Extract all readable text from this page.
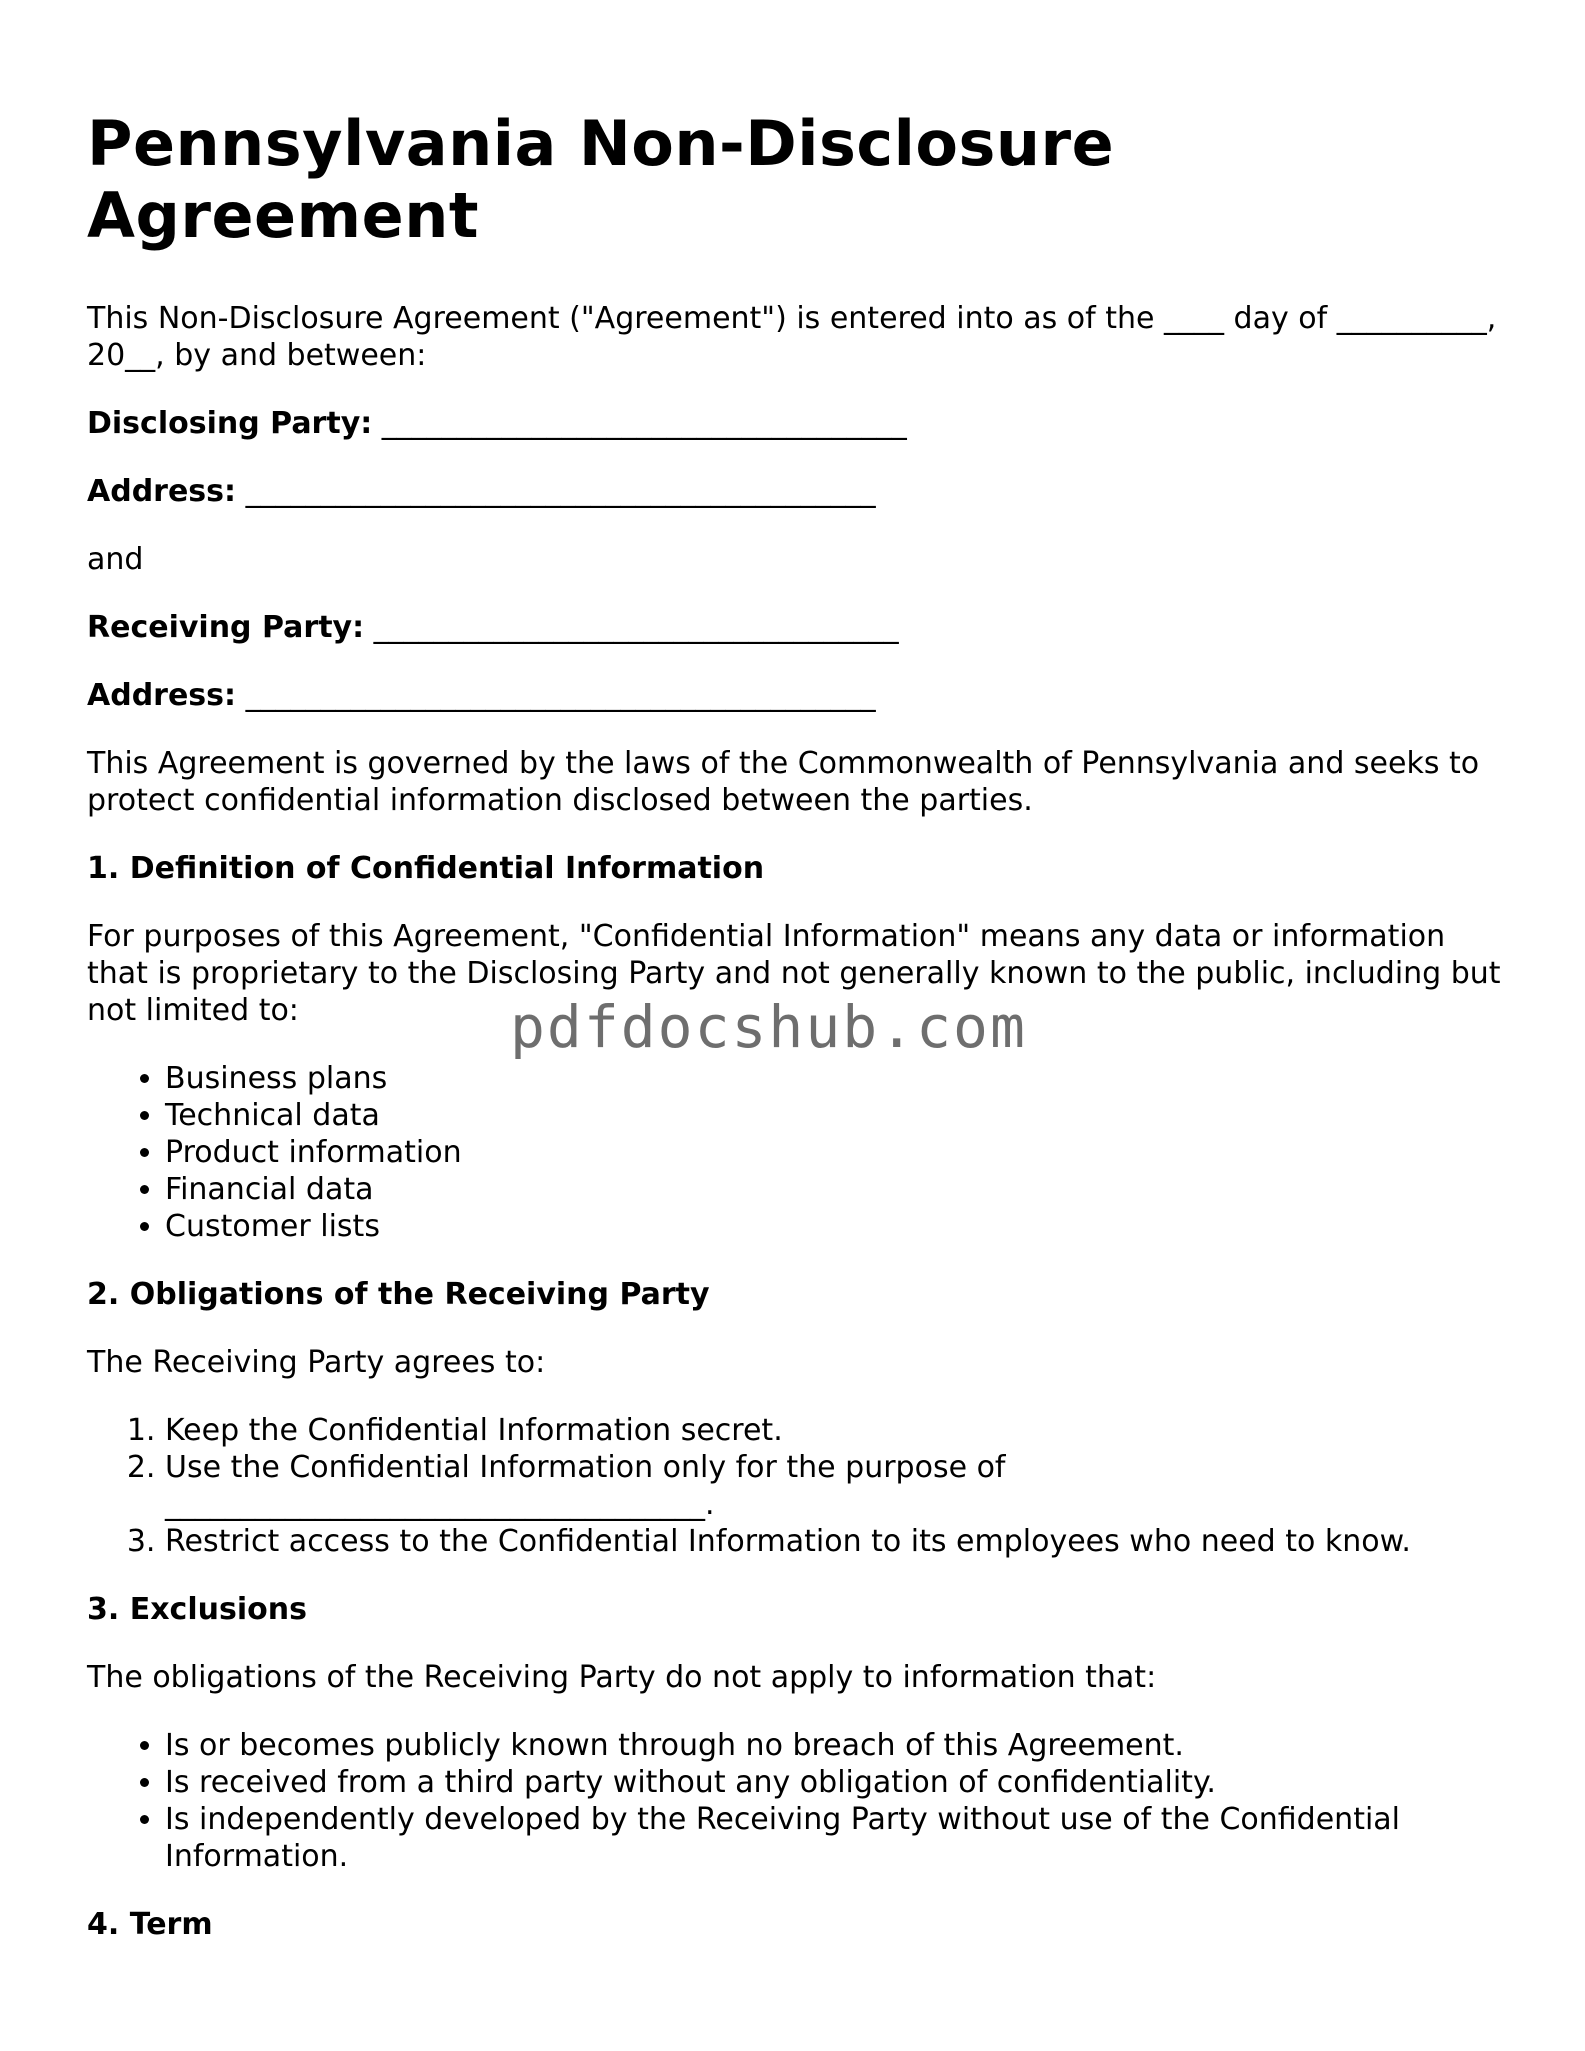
Pennsylvania Non-Disclosure Agreement

This Non-Disclosure Agreement ("Agreement") is entered into as of the ____ day of __________, 20__, by and between:

Disclosing Party: ___________________________________
Address: __________________________________________

and

Receiving Party: ___________________________________
Address: __________________________________________

This Agreement is governed by the laws of the Commonwealth of Pennsylvania and seeks to protect confidential information disclosed between the parties.

1. Definition of Confidential Information

For purposes of this Agreement, "Confidential Information" means any data or information that is proprietary to the Disclosing Party and not generally known to the public, including but not limited to:

• Business plans
• Technical data
• Product information
• Financial data
• Customer lists
2. Obligations of the Receiving Party

The Receiving Party agrees to:

1. Keep the Confidential Information secret.
2. Use the Confidential Information only for the purpose of ____________________________________.
3. Restrict access to the Confidential Information to its employees who need to know.
3. Exclusions

The obligations of the Receiving Party do not apply to information that:

• Is or becomes publicly known through no breach of this Agreement.
• Is received from a third party without any obligation of confidentiality.
• Is independently developed by the Receiving Party without use of the Confidential Information.
4. Term
pdfdocshub.com
